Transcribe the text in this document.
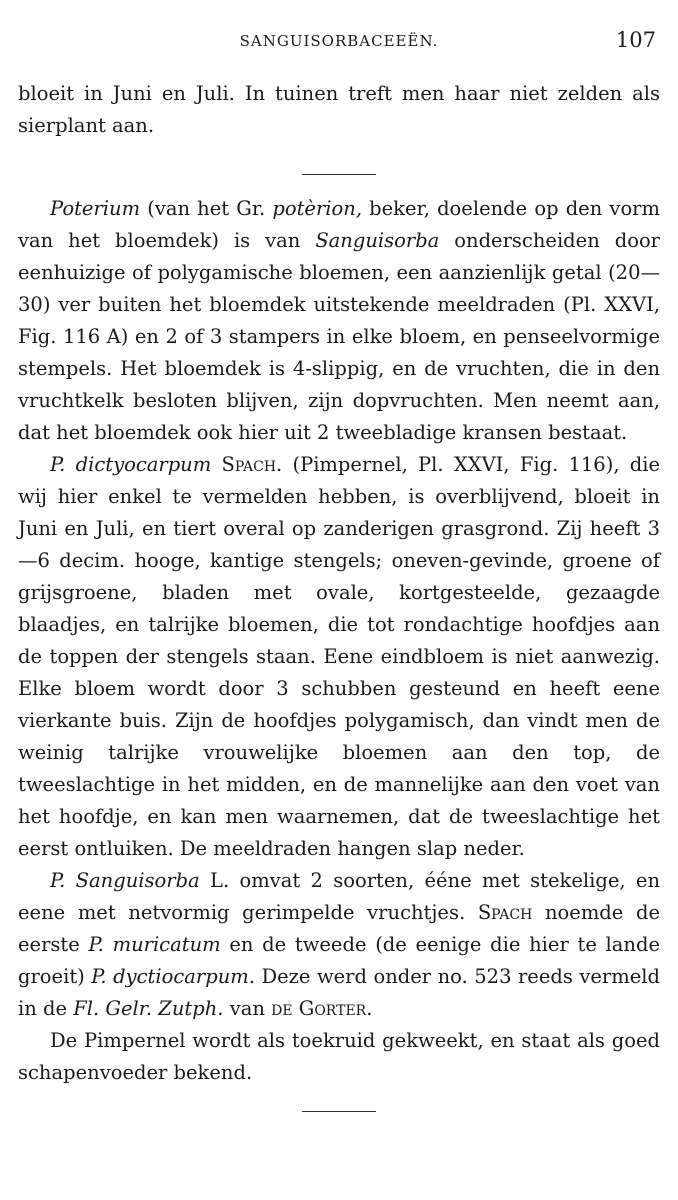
SANGUISORBACEEËN.	107

bloeit in Juni en Juli. In tuinen treft men haar niet zelden als sierplant aan.

Poterium (van het Gr. potèrion, beker, doelende op den vorm van het bloemdek) is van Sanguisorba onderscheiden door eenhuizige of polygamische bloemen, een aanzienlijk getal (20—30) ver buiten het bloemdek uitstekende meeldraden (Pl. XXVI, Fig. 116 A) en 2 of 3 stampers in elke bloem, en penseelvormige stempels. Het bloemdek is 4-slippig, en de vruchten, die in den vruchtkelk besloten blijven, zijn dopvruchten. Men neemt aan, dat het bloemdek ook hier uit 2 tweebladige kransen bestaat.

P. dictyocarpum Spach. (Pimpernel, Pl. XXVI, Fig. 116), die wij hier enkel te vermelden hebben, is overblijvend, bloeit in Juni en Juli, en tiert overal op zanderigen grasgrond. Zij heeft 3—6 decim. hooge, kantige stengels; oneven-gevinde, groene of grijsgroene, bladen met ovale, kortgesteelde, gezaagde blaadjes, en talrijke bloemen, die tot rondachtige hoofdjes aan de toppen der stengels staan. Eene eindbloem is niet aanwezig. Elke bloem wordt door 3 schubben gesteund en heeft eene vierkante buis. Zijn de hoofdjes polygamisch, dan vindt men de weinig talrijke vrouwelijke bloemen aan den top, de tweeslachtige in het midden, en de mannelijke aan den voet van het hoofdje, en kan men waarnemen, dat de tweeslachtige het eerst ontluiken. De meeldraden hangen slap neder.

P. Sanguisorba L. omvat 2 soorten, ééne met stekelige, en eene met netvormig gerimpelde vruchtjes. Spach noemde de eerste P. muricatum en de tweede (de eenige die hier te lande groeit) P. dyctiocarpum. Deze werd onder no. 523 reeds vermeld in de Fl. Gelr. Zutph. van de Gorter.

De Pimpernel wordt als toekruid gekweekt, en staat als goed schapenvoeder bekend.
